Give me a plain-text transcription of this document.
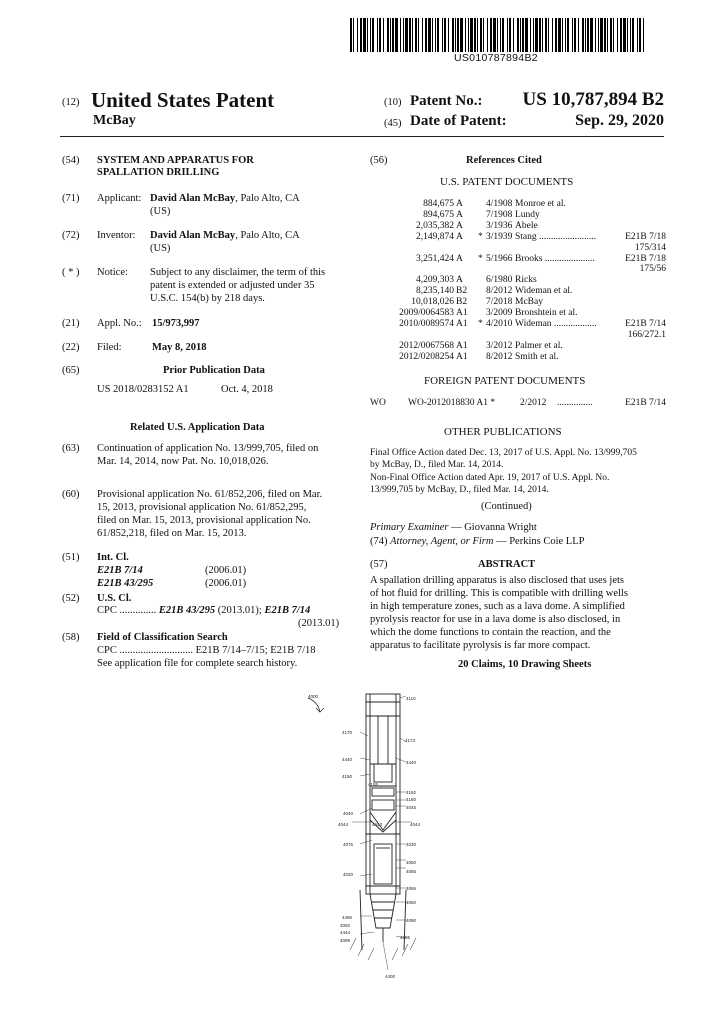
US010787894B2
(12) United States Patent
McBay
(10) Patent No.: US 10,787,894 B2
(45) Date of Patent:	Sep. 29, 2020
(54)	SYSTEM AND APPARATUS FOR
SPALLATION DRILLING
(71)	Applicant: David Alan McBay, Palo Alto, CA
(US)
(72)	Inventor: David Alan McBay, Palo Alto, CA
(US)
( * )	Notice: Subject to any disclaimer, the term of this
patent is extended or adjusted under 35
U.S.C. 154(b) by 218 days.
(21)	Appl. No.: 15/973,997
(22)	Filed:	May 8, 2018
(65)	Prior Publication Data
US 2018/0283152 A1	Oct. 4, 2018
Related U.S. Application Data
(63)	Continuation of application No. 13/999,705, filed on
Mar. 14, 2014, now Pat. No. 10,018,026.
(60)	Provisional application No. 61/852,206, filed on Mar.
15, 2013, provisional application No. 61/852,295,
filed on Mar. 15, 2013, provisional application No.
61/852,218, filed on Mar. 15, 2013.
(51)	Int. Cl.
E21B 7/14	(2006.01)
E21B 43/295	(2006.01)
(52)	U.S. Cl.
CPC .............. E21B 43/295 (2013.01); E21B 7/14
(2013.01)
(58)	Field of Classification Search
CPC ............................ E21B 7/14–7/15; E21B 7/18
See application file for complete search history.
(56)	References Cited
U.S. PATENT DOCUMENTS
884,675 A 4/1908 Monroe et al.
894,675 A 7/1908 Lundy
2,035,382 A 3/1936 Abele
2,149,874 A * 3/1939 Stang ........................	E21B 7/18
175/314
3,251,424 A * 5/1966 Brooks .....................	E21B 7/18
175/56
4,209,303 A 6/1980 Ricks
8,235,140 B2 8/2012 Wideman et al.
10,018,026 B2 7/2018 McBay
2009/0064583 A1 3/2009 Bronshtein et al.
2010/0089574 A1 * 4/2010 Wideman ..................	E21B 7/14
166/272.1
2012/0067568 A1 3/2012 Palmer et al.
2012/0208254 A1 8/2012 Smith et al.
FOREIGN PATENT DOCUMENTS
WO WO-2012018830 A1 *	2/2012 ...............	E21B 7/14
OTHER PUBLICATIONS
Final Office Action dated Dec. 13, 2017 of U.S. Appl. No. 13/999,705
by McBay, D., filed Mar. 14, 2014.
Non-Final Office Action dated Apr. 19, 2017 of U.S. Appl. No.
13/999,705 by McBay, D., filed Mar. 14, 2014.
(Continued)
Primary Examiner — Giovanna Wright
(74) Attorney, Agent, or Firm — Perkins Coie LLP
(57)	ABSTRACT
A spallation drilling apparatus is also disclosed that uses jets
of hot fluid for drilling. This is compatible with drilling wells
in high temperature zones, such as a lava dome. A simplified
pyrolysis reactor for use in a lava dome is also disclosed, in
which the dome functions to contain the reaction, and the
apparatus to facilitate pyrolysis is far more compact.
20 Claims, 10 Drawing Sheets
4000	4110
4170
4173
4440
4440
4150
4155
4162
4160
4045
4040
4044	4043	4044
4075	4030
4050
4055
4020
4065
4060
4495
4092
4444
4090
4099
4095
4400
